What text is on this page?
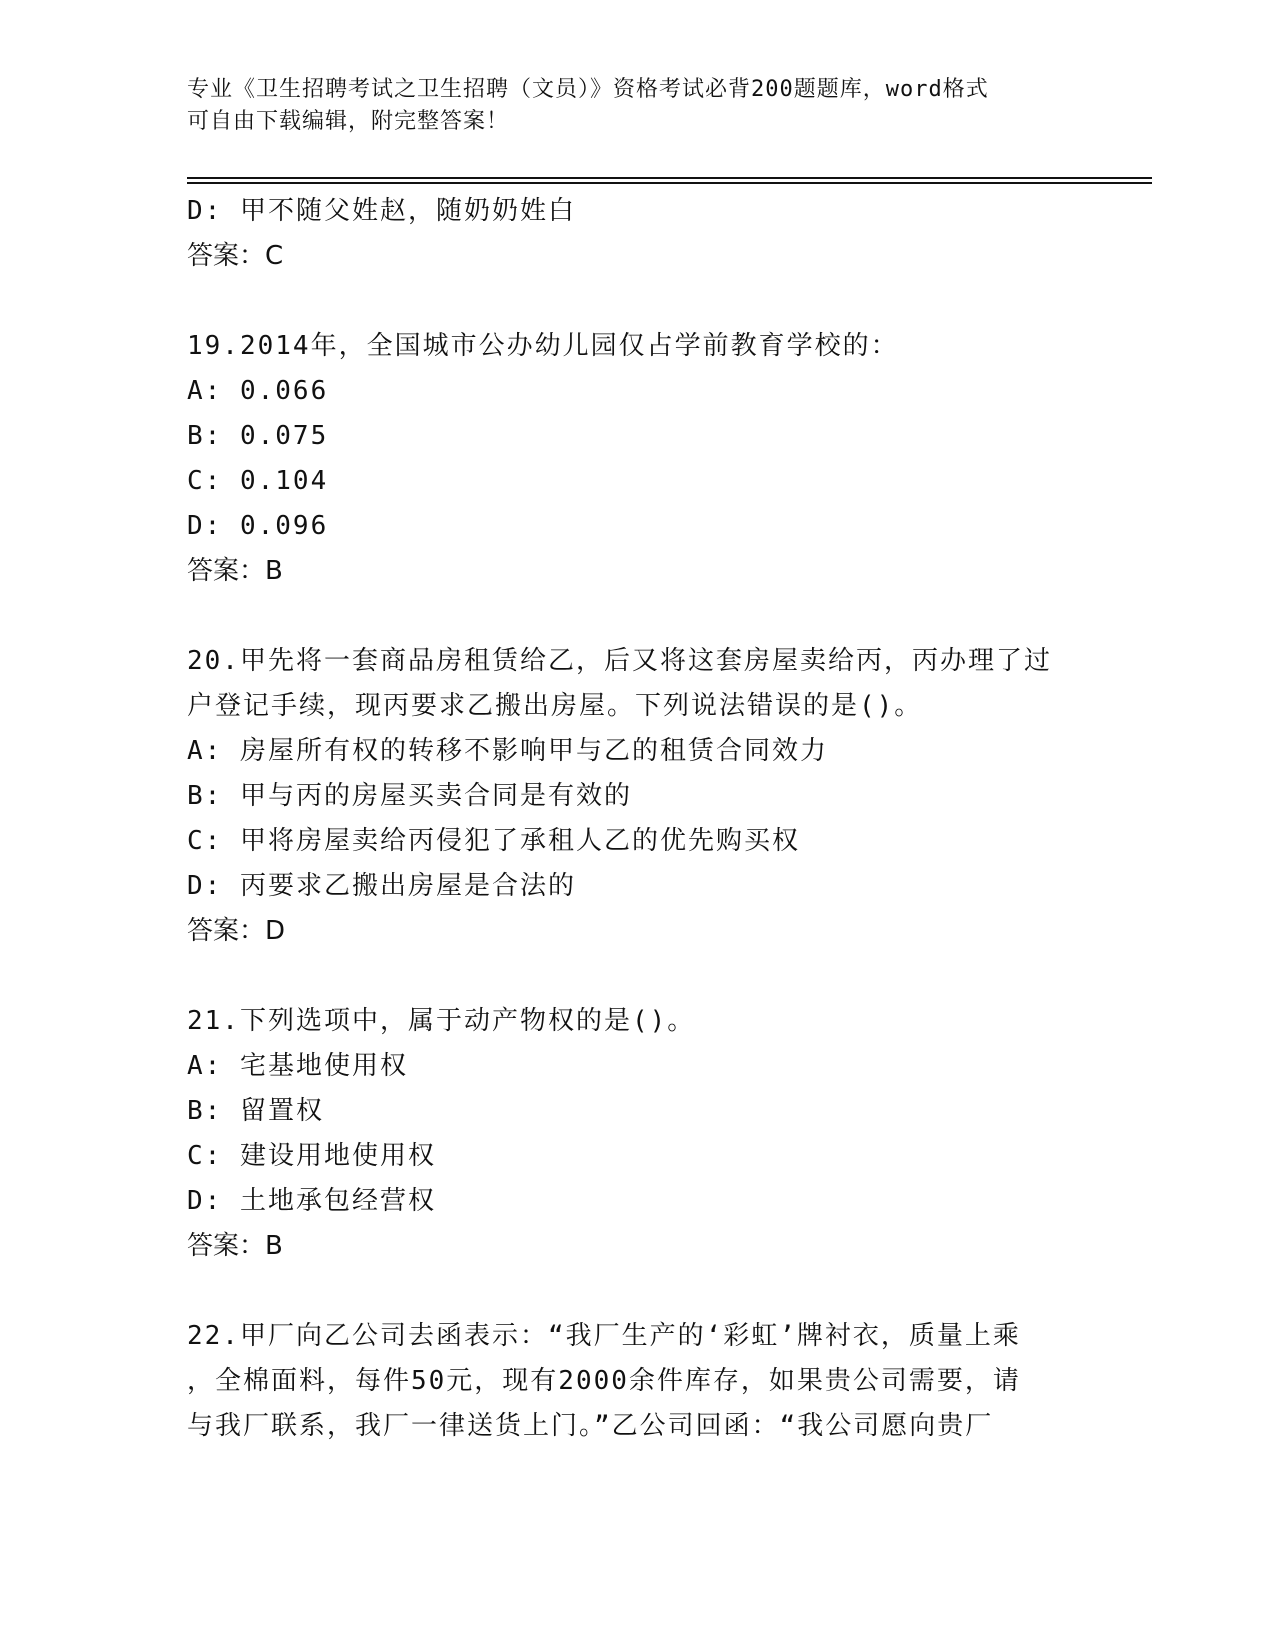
专业《卫生招聘考试之卫生招聘（文员）》资格考试必背200题题库，word格式
可自由下载编辑，附完整答案！
D: 甲不随父姓赵，随奶奶姓白
答案：C
19.2014年，全国城市公办幼儿园仅占学前教育学校的：
A: 0.066
B: 0.075
C: 0.104
D: 0.096
答案：B
20.甲先将一套商品房租赁给乙，后又将这套房屋卖给丙，丙办理了过
户登记手续，现丙要求乙搬出房屋。下列说法错误的是()。
A: 房屋所有权的转移不影响甲与乙的租赁合同效力
B: 甲与丙的房屋买卖合同是有效的
C: 甲将房屋卖给丙侵犯了承租人乙的优先购买权
D: 丙要求乙搬出房屋是合法的
答案：D
21.下列选项中，属于动产物权的是()。
A: 宅基地使用权
B: 留置权
C: 建设用地使用权
D: 土地承包经营权
答案：B
22.甲厂向乙公司去函表示：“我厂生产的‘彩虹’牌衬衣，质量上乘
，全棉面料，每件50元，现有2000余件库存，如果贵公司需要，请
与我厂联系，我厂一律送货上门。”乙公司回函：“我公司愿向贵厂
